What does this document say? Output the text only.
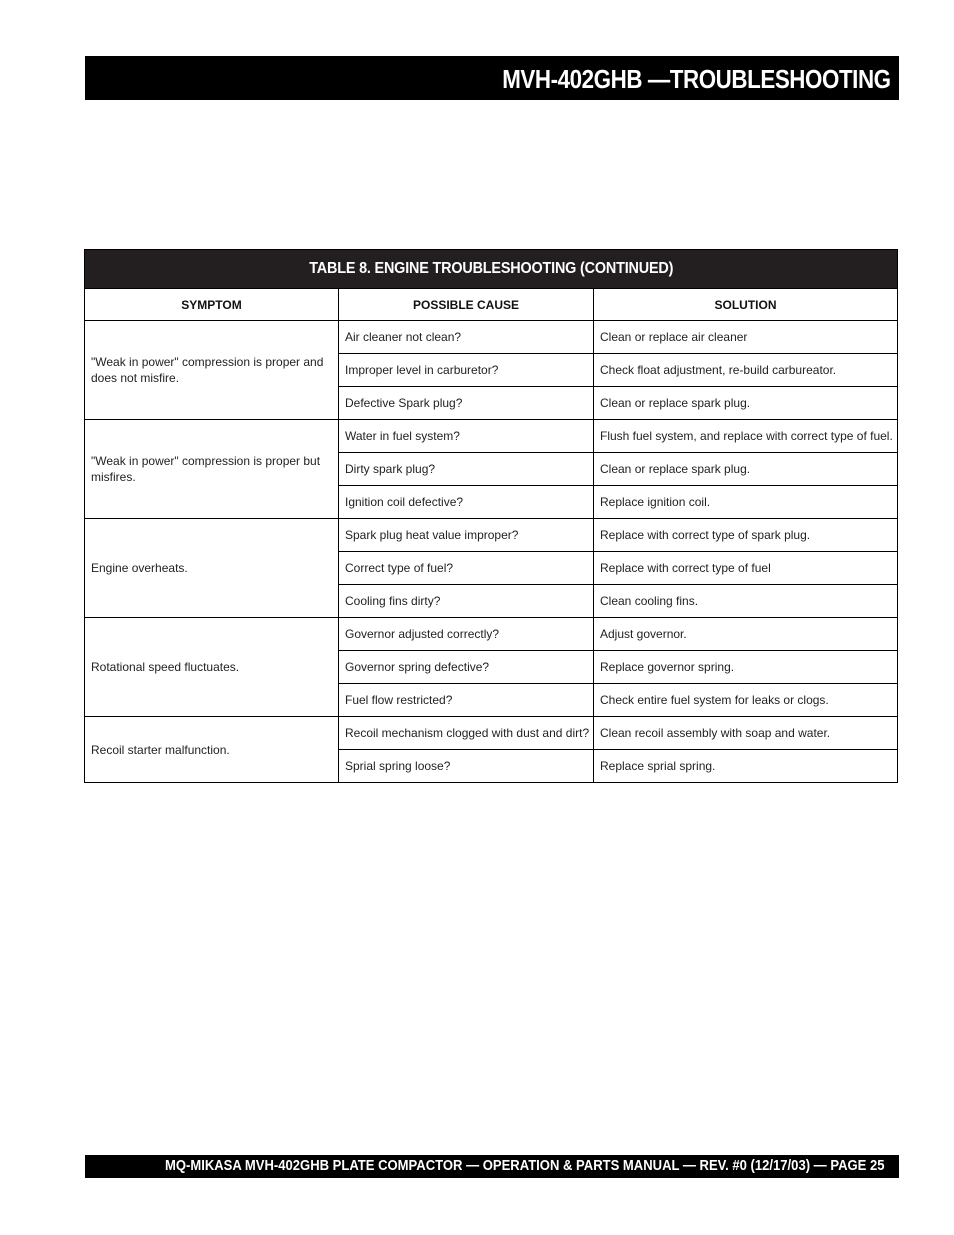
MVH-402GHB —TROUBLESHOOTING
TABLE 8. ENGINE TROUBLESHOOTING (CONTINUED)		
SYMPTOM	POSSIBLE CAUSE	SOLUTION
"Weak in power" compression is proper and does not misfire.	Air cleaner not clean?	Clean or replace air cleaner
	Improper level in carburetor?	Check float adjustment, re-build carbureator.
	Defective Spark plug?	Clean or replace spark plug.
"Weak in power" compression is proper but misfires.	Water in fuel system?	Flush fuel system, and replace with correct type of fuel.
	Dirty spark plug?	Clean or replace spark plug.
	Ignition coil defective?	Replace ignition coil.
Engine overheats.	Spark plug heat value improper?	Replace with correct type of spark plug.
	Correct type of fuel?	Replace with correct type of fuel
	Cooling fins dirty?	Clean cooling fins.
Rotational speed fluctuates.	Governor adjusted correctly?	Adjust governor.
	Governor spring defective?	Replace governor spring.
	Fuel flow restricted?	Check entire fuel system for leaks or clogs.
Recoil starter malfunction.	Recoil mechanism clogged with dust and dirt?	Clean recoil assembly with soap and water.
	Sprial spring loose?	Replace sprial spring.
MQ-MIKASA MVH-402GHB PLATE COMPACTOR — OPERATION & PARTS MANUAL — REV. #0 (12/17/03) — PAGE 25
